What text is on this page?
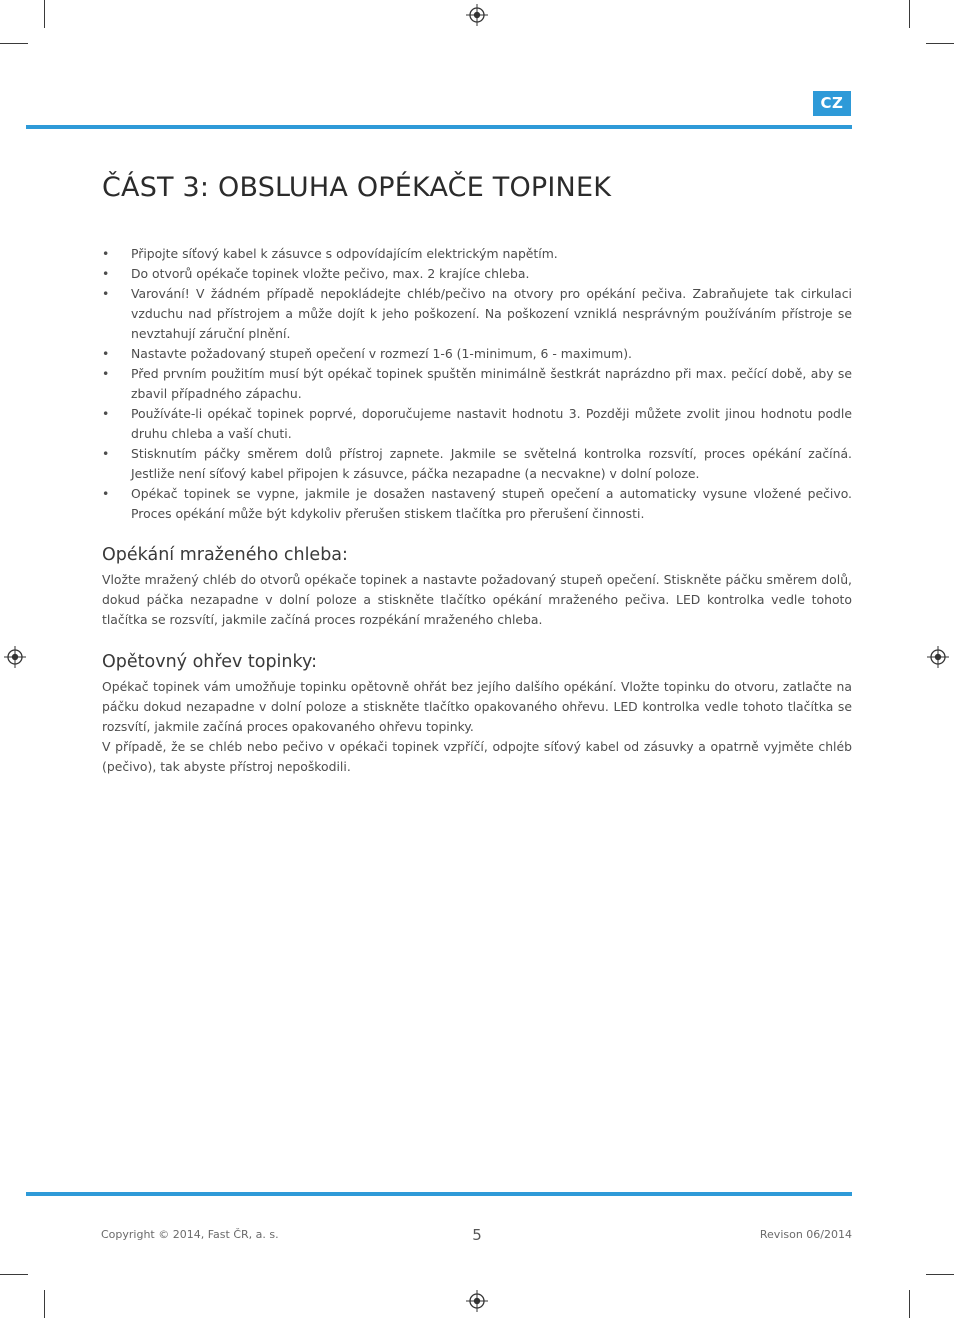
CZ
ČÁST 3: OBSLUHA OPÉKAČE TOPINEK
• Připojte síťový kabel k zásuvce s odpovídajícím elektrickým napětím.
• Do otvorů opékače topinek vložte pečivo, max. 2 krajíce chleba.
• Varování! V žádném případě nepokládejte chléb/pečivo na otvory pro opékání pečiva. Zabraňujete tak cirkulaci vzduchu nad přístrojem a může dojít k jeho poškození. Na poškození vzniklá nesprávným používáním přístroje se nevztahují záruční plnění.
• Nastavte požadovaný stupeň opečení v rozmezí 1-6 (1-minimum, 6 - maximum).
• Před prvním použitím musí být opékač topinek spuštěn minimálně šestkrát naprázdno při max. pečící době, aby se zbavil případného zápachu.
• Používáte-li opékač topinek poprvé, doporučujeme nastavit hodnotu 3. Později můžete zvolit jinou hodnotu podle druhu chleba a vaší chuti.
• Stisknutím páčky směrem dolů přístroj zapnete. Jakmile se světelná kontrolka rozsvítí, proces opékání začíná. Jestliže není síťový kabel připojen k zásuvce, páčka nezapadne (a necvakne) v dolní poloze.
• Opékač topinek se vypne, jakmile je dosažen nastavený stupeň opečení a automaticky vysune vložené pečivo. Proces opékání může být kdykoliv přerušen stiskem tlačítka pro přerušení činnosti.
Opékání mraženého chleba:

Vložte mražený chléb do otvorů opékače topinek a nastavte požadovaný stupeň opečení. Stiskněte páčku směrem dolů, dokud páčka nezapadne v dolní poloze a stiskněte tlačítko opékání mraženého pečiva. LED kontrolka vedle tohoto tlačítka se rozsvítí, jakmile začíná proces rozpékání mraženého chleba.

Opětovný ohřev topinky:

Opékač topinek vám umožňuje topinku opětovně ohřát bez jejího dalšího opékání. Vložte topinku do otvoru, zatlačte na páčku dokud nezapadne v dolní poloze a stiskněte tlačítko opakovaného ohřevu. LED kontrolka vedle tohoto tlačítka se rozsvítí, jakmile začíná proces opakovaného ohřevu topinky.

V případě, že se chléb nebo pečivo v opékači topinek vzpříčí, odpojte síťový kabel od zásuvky a opatrně vyjměte chléb (pečivo), tak abyste přístroj nepoškodili.

Copyright © 2014, Fast ČR, a. s.	5	Revison 06/2014
